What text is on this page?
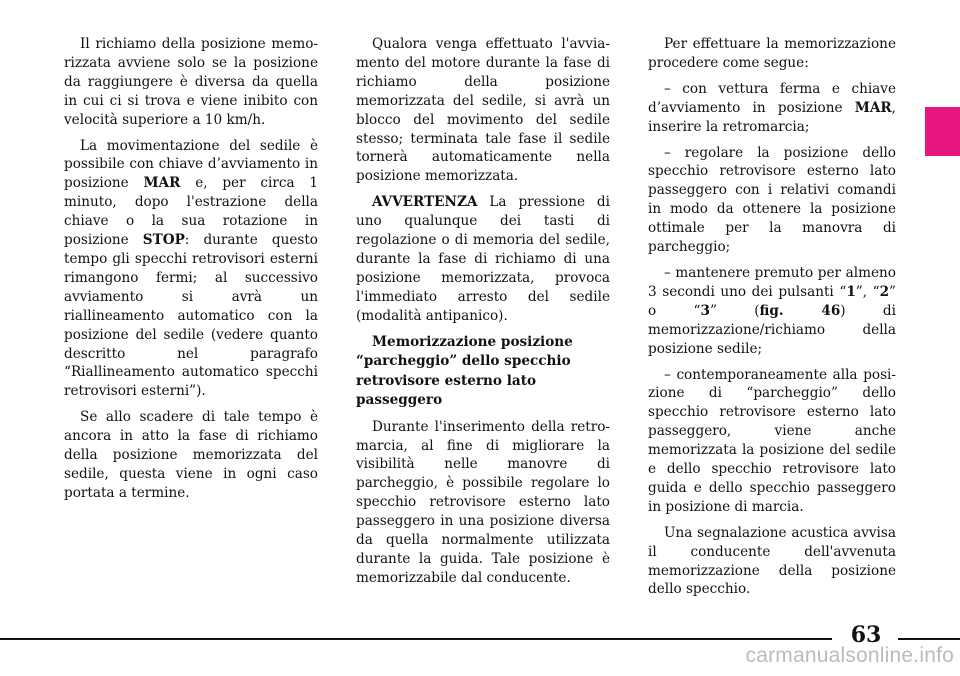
Il richiamo della posizione memorizzata avviene solo se la posizione da raggiungere è diversa da quella in cui ci si trova e viene inibito con velocità superiore a 10 km/h.

La movimentazione del sedile è possibile con chiave d’avviamento in posizione MAR e, per circa 1 minuto, dopo l'estrazione della chiave o la sua rotazione in posizione STOP: durante questo tempo gli specchi retrovisori esterni rimangono fermi; al successivo avviamento si avrà un riallineamento automatico con la posizione del sedile (vedere quanto descritto nel paragrafo “Riallineamento automatico specchi retrovisori esterni”).

Se allo scadere di tale tempo è ancora in atto la fase di richiamo della posizione memorizzata del sedile, questa viene in ogni caso portata a termine.

Qualora venga effettuato l'avviamento del motore durante la fase di richiamo della posizione memorizzata del sedile, si avrà un blocco del movimento del sedile stesso; terminata tale fase il sedile tornerà automaticamente nella posizione memorizzata.

AVVERTENZA La pressione di uno qualunque dei tasti di regolazione o di memoria del sedile, durante la fase di richiamo di una posizione memorizzata, provoca l'immediato arresto del sedile (modalità antipanico).

Memorizzazione posizione “parcheggio” dello specchio retrovisore esterno lato passeggero

Durante l'inserimento della retromarcia, al fine di migliorare la visibilità nelle manovre di parcheggio, è possibile regolare lo specchio retrovisore esterno lato passeggero in una posizione diversa da quella normalmente utilizzata durante la guida. Tale posizione è memorizzabile dal conducente.

Per effettuare la memorizzazione procedere come segue:

– con vettura ferma e chiave d’avviamento in posizione MAR, inserire la retromarcia;

– regolare la posizione dello specchio retrovisore esterno lato passeggero con i relativi comandi in modo da ottenere la posizione ottimale per la manovra di parcheggio;

– mantenere premuto per almeno 3 secondi uno dei pulsanti “1”, “2” o “3” (fig. 46) di memorizzazione/richiamo della posizione sedile;

– contemporaneamente alla posizione di “parcheggio” dello specchio retrovisore esterno lato passeggero, viene anche memorizzata la posizione del sedile e dello specchio retrovisore lato guida e dello specchio passeggero in posizione di marcia.

Una segnalazione acustica avvisa il conducente dell'avvenuta memorizzazione della posizione dello specchio.

63
carmanualsonline.info
